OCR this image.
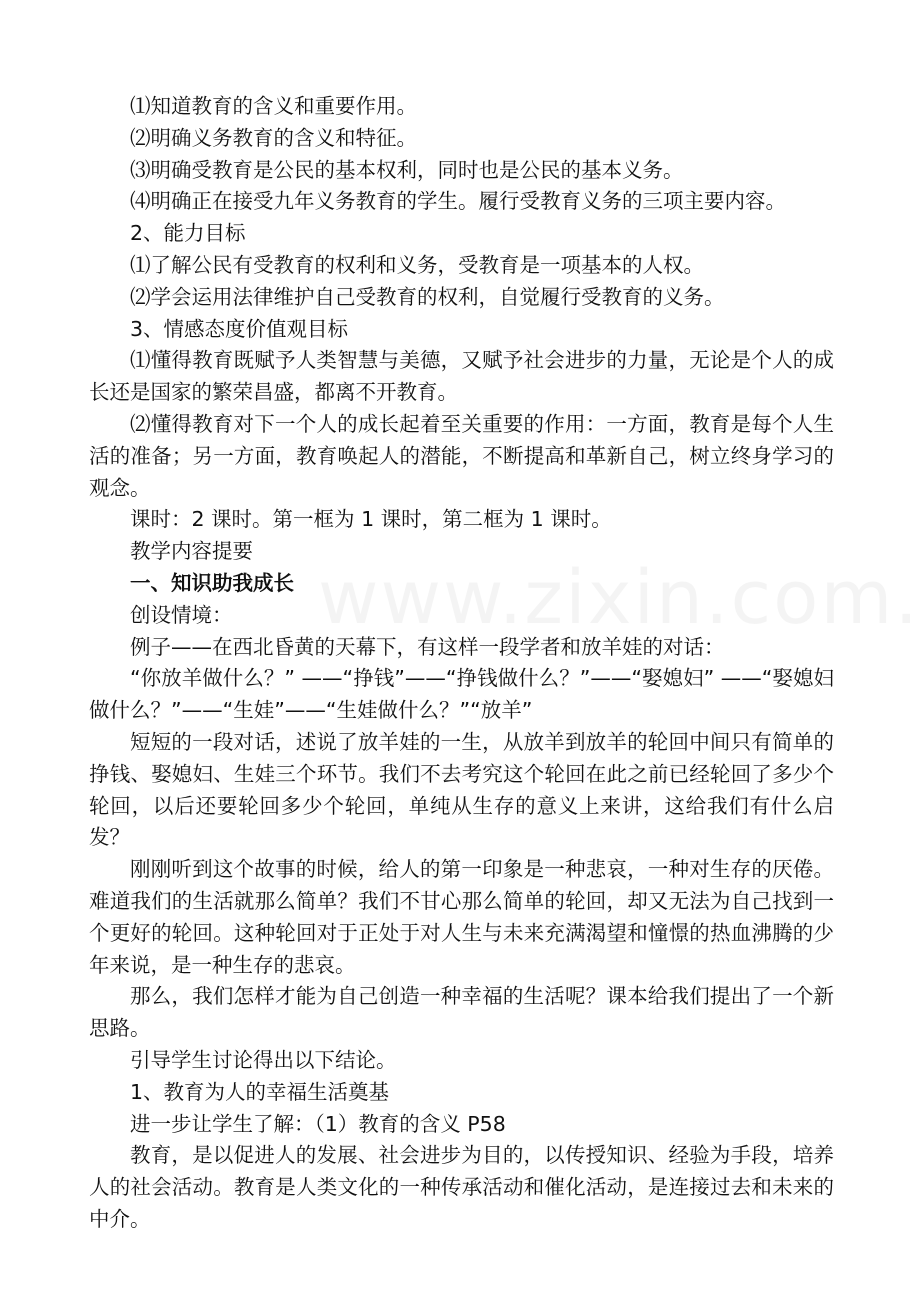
⑴知道教育的含义和重要作用。

⑵明确义务教育的含义和特征。

⑶明确受教育是公民的基本权利，同时也是公民的基本义务。

⑷明确正在接受九年义务教育的学生。履行受教育义务的三项主要内容。

2、能力目标

⑴了解公民有受教育的权利和义务，受教育是一项基本的人权。

⑵学会运用法律维护自己受教育的权利，自觉履行受教育的义务。

3、情感态度价值观目标

⑴懂得教育既赋予人类智慧与美德，又赋予社会进步的力量，无论是个人的成长还是国家的繁荣昌盛，都离不开教育。

⑵懂得教育对下一个人的成长起着至关重要的作用：一方面，教育是每个人生活的准备；另一方面，教育唤起人的潜能，不断提高和革新自己，树立终身学习的观念。

课时：2 课时。第一框为 1 课时，第二框为 1 课时。

教学内容提要

一、知识助我成长

创设情境：

例子——在西北昏黄的天幕下，有这样一段学者和放羊娃的对话：

“你放羊做什么？” ——“挣钱”——“挣钱做什么？”——“娶媳妇” ——“娶媳妇做什么？”——“生娃”——“生娃做什么？”“放羊”

短短的一段对话，述说了放羊娃的一生，从放羊到放羊的轮回中间只有简单的挣钱、娶媳妇、生娃三个环节。我们不去考究这个轮回在此之前已经轮回了多少个轮回，以后还要轮回多少个轮回，单纯从生存的意义上来讲，这给我们有什么启发？

刚刚听到这个故事的时候，给人的第一印象是一种悲哀，一种对生存的厌倦。难道我们的生活就那么简单？我们不甘心那么简单的轮回，却又无法为自己找到一个更好的轮回。这种轮回对于正处于对人生与未来充满渴望和憧憬的热血沸腾的少年来说，是一种生存的悲哀。

那么，我们怎样才能为自己创造一种幸福的生活呢？课本给我们提出了一个新思路。

引导学生讨论得出以下结论。

1、教育为人的幸福生活奠基

进一步让学生了解：（1）教育的含义 P58

教育，是以促进人的发展、社会进步为目的，以传授知识、经验为手段，培养人的社会活动。教育是人类文化的一种传承活动和催化活动，是连接过去和未来的中介。
